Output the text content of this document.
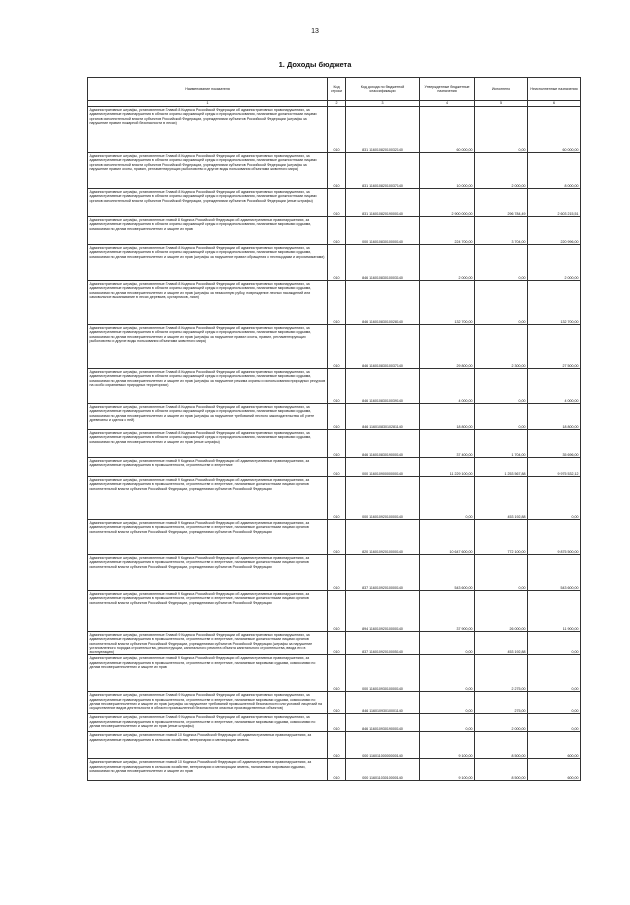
13
1. Доходы бюджета
Наименование показателя	Код строки	Код дохода по бюджетной классификации	Утвержденные бюджетные назначения	Исполнено	Неисполненные назначения
1	2	3	4	5	6
Административные штрафы, установленные Главой 8 Кодекса Российской Федерации об административных правонарушениях, за административные правонарушения в области охраны окружающей среды и природопользования, налагаемые должностными лицами органов исполнительной власти субъектов Российской Федерации, учреждениями субъектов Российской Федерации (штрафы за нарушение правил пожарной безопасности в лесах)	010	831 11601082010032140	60 000,00	0,00	60 000,00
Административные штрафы, установленные Главой 8 Кодекса Российской Федерации об административных правонарушениях, за административные правонарушения в области охраны окружающей среды и природопользования, налагаемые должностными лицами органов исполнительной власти субъектов Российской Федерации, учреждениями субъектов Российской Федерации (штрафы за нарушение правил охоты, правил, регламентирующих рыболовство и другие виды пользования объектами животного мира)	010	831 11601082010037140	10 000,00	2 000,00	8 000,00
Административные штрафы, установленные Главой 8 Кодекса Российской Федерации об административных правонарушениях, за административные правонарушения в области охраны окружающей среды и природопользования, налагаемые должностными лицами органов исполнительной власти субъектов Российской Федерации, учреждениями субъектов Российской Федерации (иные штрафы)	010	831 11601082019000140	2 900 000,00	296 784,49	2 603 215,51
Административные штрафы, установленные главой 8 Кодекса Российской Федерации об административных правонарушениях, за административные правонарушения в области охраны окружающей среды и природопользования, налагаемые мировыми судьями, комиссиями по делам несовершеннолетних и защите их прав	010	000 11601083010000140	224 700,00	3 704,00	220 996,00
Административные штрафы, установленные Главой 8 Кодекса Российской Федерации об административных правонарушениях, за административные правонарушения в области охраны окружающей среды и природопользования, налагаемые мировыми судьями, комиссиями по делам несовершеннолетних и защите их прав (штрафы за нарушение правил обращения с пестицидами и агрохимикатами)	010	846 11601083010003140	2 000,00	0,00	2 000,00
Административные штрафы, установленные Главой 8 Кодекса Российской Федерации об административных правонарушениях, за административные правонарушения в области охраны окружающей среды и природопользования, налагаемые мировыми судьями, комиссиями по делам несовершеннолетних и защите их прав (штрафы за незаконную рубку, повреждение лесных насаждений или самовольное выкапывание в лесах деревьев, кустарников, лиан)	010	846 11601083010028140	132 700,00	0,00	132 700,00
Административные штрафы, установленные Главой 8 Кодекса Российской Федерации об административных правонарушениях, за административные правонарушения в области охраны окружающей среды и природопользования, налагаемые мировыми судьями, комиссиями по делам несовершеннолетних и защите их прав (штрафы за нарушение правил охоты, правил, регламентирующих рыболовство и другие виды пользования объектами животного мира)	010	846 11601083010037140	29 800,00	2 300,00	27 500,00
Административные штрафы, установленные Главой 8 Кодекса Российской Федерации об административных правонарушениях, за административные правонарушения в области охраны окружающей среды и природопользования, налагаемые мировыми судьями, комиссиями по делам несовершеннолетних и защите их прав (штрафы за нарушение режима охраны и использования природных ресурсов на особо охраняемых природных территориях)	010	846 11601083010039140	4 000,00	0,00	4 000,00
Административные штрафы, установленные Главой 8 Кодекса Российской Федерации об административных правонарушениях, за административные правонарушения в области охраны окружающей среды и природопользования, налагаемые мировыми судьями, комиссиями по делам несовершеннолетних и защите их прав (штрафы за нарушение требований лесного законодательства об учете древесины и сделок с ней)	010	846 11601083010281140	18 800,00	0,00	18 800,00
Административные штрафы, установленные Главой 8 Кодекса Российской Федерации об административных правонарушениях, за административные правонарушения в области охраны окружающей среды и природопользования, налагаемые мировыми судьями, комиссиями по делам несовершеннолетних и защите их прав (иные штрафы)	010	846 11601083019000140	37 400,00	1 704,00	35 696,00
Административные штрафы, установленные главой 9 Кодекса Российской Федерации об административных правонарушениях, за административные правонарушения в промышленности, строительстве и энергетике	010	000 11601090000000140	11 229 100,00	1 253 567,88	9 975 532,12
Административные штрафы, установленные главой 9 Кодекса Российской Федерации об административных правонарушениях, за административные правонарушения в промышленности, строительстве и энергетике, налагаемые должностными лицами органов исполнительной власти субъектов Российской Федерации, учреждениями субъектов Российской Федерации	010	000 11601092010000140	0,00	453 192,88	0,00
Административные штрафы, установленные главой 9 Кодекса Российской Федерации об административных правонарушениях, за административные правонарушения в промышленности, строительстве и энергетике, налагаемые должностными лицами органов исполнительной власти субъектов Российской Федерации, учреждениями субъектов Российской Федерации	010	820 11601092010000140	10 647 600,00	772 100,00	9 875 500,00
Административные штрафы, установленные главой 9 Кодекса Российской Федерации об административных правонарушениях, за административные правонарушения в промышленности, строительстве и энергетике, налагаемые должностными лицами органов исполнительной власти субъектов Российской Федерации, учреждениями субъектов Российской Федерации	010	837 11601092010000140	543 600,00	0,00	543 600,00
Административные штрафы, установленные главой 9 Кодекса Российской Федерации об административных правонарушениях, за административные правонарушения в промышленности, строительстве и энергетике, налагаемые должностными лицами органов исполнительной власти субъектов Российской Федерации, учреждениями субъектов Российской Федерации	010	894 11601092010000140	37 900,00	26 000,00	11 900,00
Административные штрафы, установленные Главой 9 Кодекса Российской Федерации об административных правонарушениях, за административные правонарушения в промышленности, строительстве и энергетике, налагаемые должностными лицами органов исполнительной власти субъектов Российской Федерации, учреждениями субъектов Российской Федерации (штрафы за нарушение установленного порядка строительства, реконструкции, капитального ремонта объекта капитального строительства, ввода его в эксплуатацию)	010	837 11601092010005140	0,00	453 192,88	0,00
Административные штрафы, установленные главой 9 Кодекса Российской Федерации об административных правонарушениях, за административные правонарушения в промышленности, строительстве и энергетике, налагаемые мировыми судьями, комиссиями по делам несовершеннолетних и защите их прав	010	000 11601093010000140	0,00	2 275,00	0,00
Административные штрафы, установленные Главой 9 Кодекса Российской Федерации об административных правонарушениях, за административные правонарушения в промышленности, строительстве и энергетике, налагаемые мировыми судьями, комиссиями по делам несовершеннолетних и защите их прав (штрафы за нарушение требований промышленной безопасности или условий лицензий на осуществление видов деятельности в области промышленной безопасности опасных производственных объектов)	010	846 11601093010001140	0,00	275,00	0,00
Административные штрафы, установленные Главой 9 Кодекса Российской Федерации об административных правонарушениях, за административные правонарушения в промышленности, строительстве и энергетике, налагаемые мировыми судьями, комиссиями по делам несовершеннолетних и защите их прав (иные штрафы)	010	846 11601093019000140	0,00	2 000,00	0,00
Административные штрафы, установленные главой 10 Кодекса Российской Федерации об административных правонарушениях, за административные правонарушения в сельском хозяйстве, ветеринарии и мелиорации земель	010	000 11601100000000140	9 100,00	8 500,00	600,00
Административные штрафы, установленные главой 10 Кодекса Российской Федерации об административных правонарушениях, за административные правонарушения в сельском хозяйстве, ветеринарии и мелиорации земель, налагаемые мировыми судьями, комиссиями по делам несовершеннолетних и защите их прав	010	000 11601103010000140	9 100,00	8 500,00	600,00
